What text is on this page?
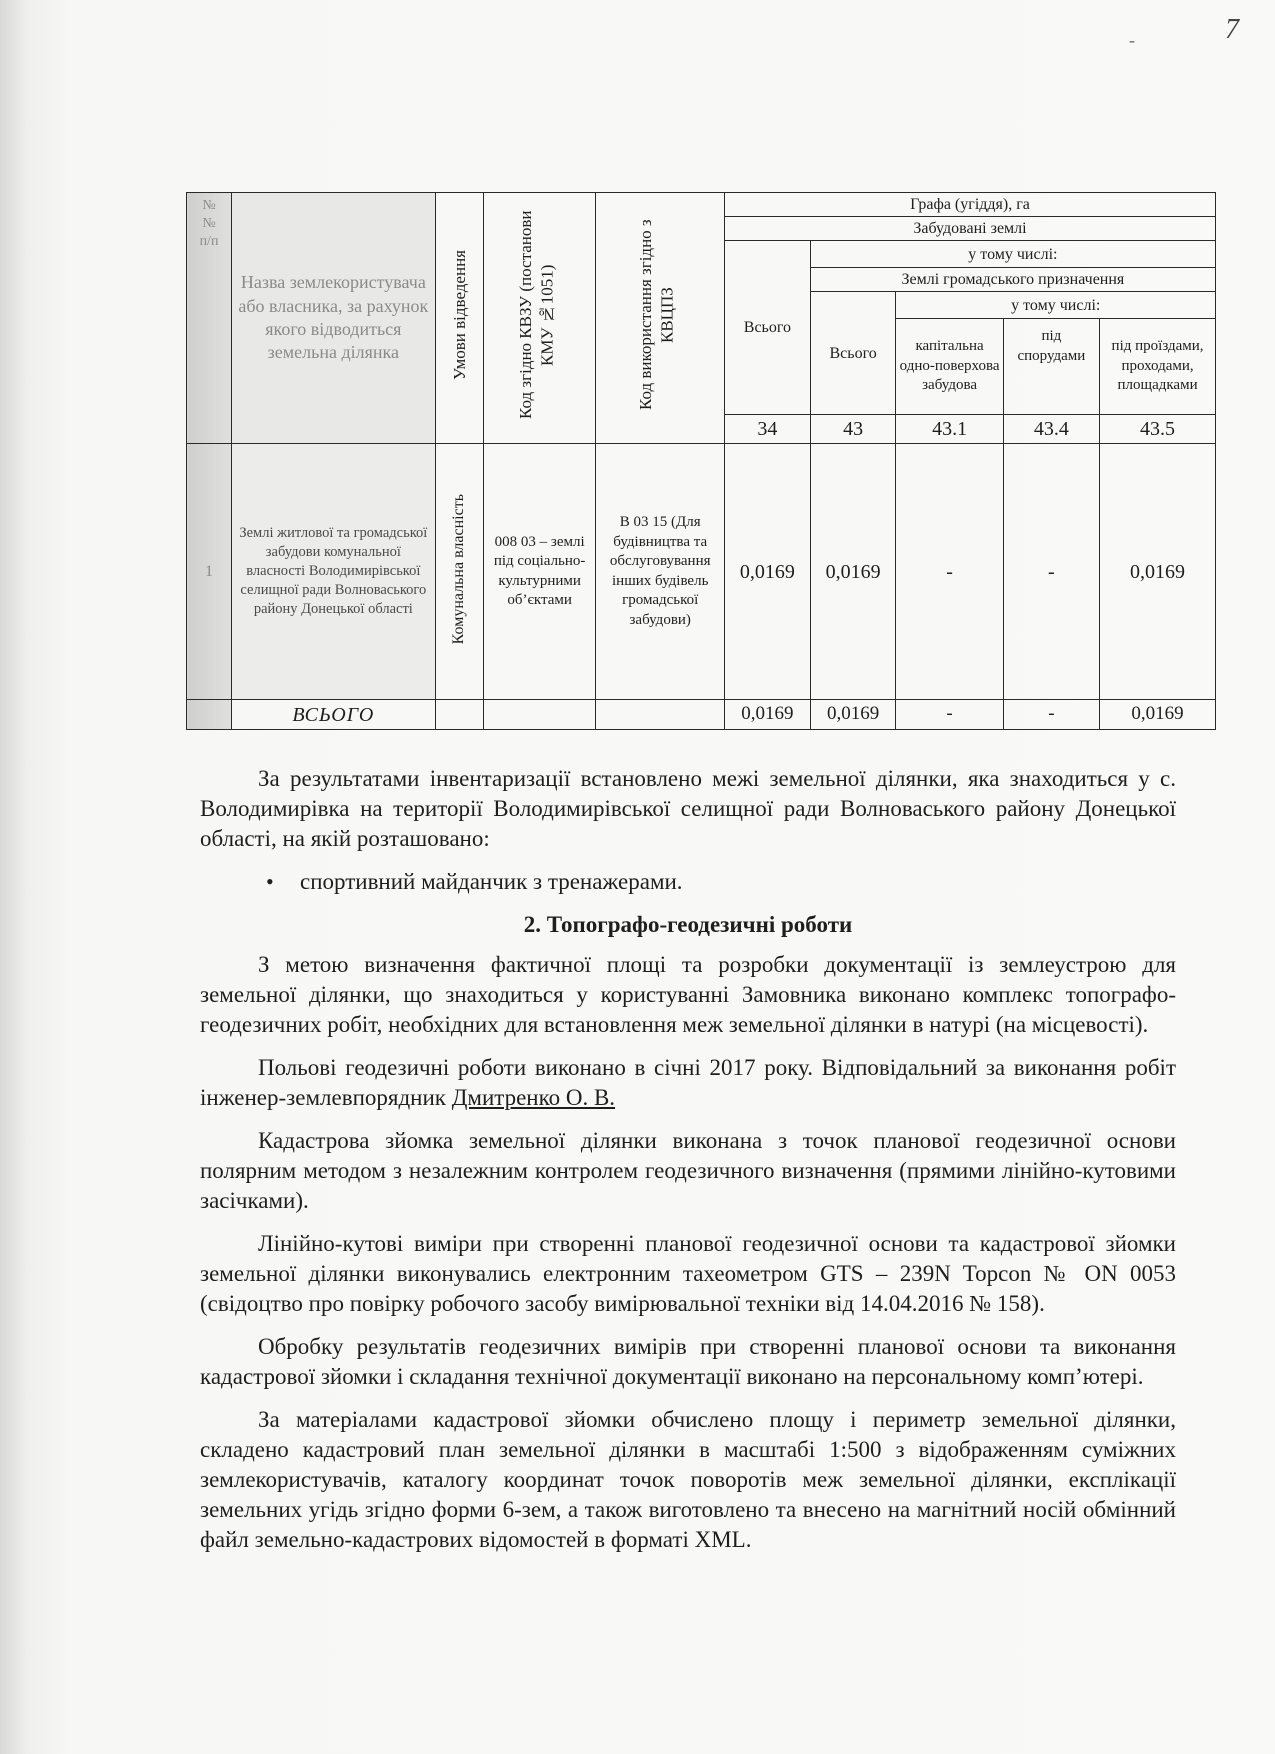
-	7
№
№
п/п	Назва землекористувача або власника, за рахунок якого відводиться земельна ділянка	Умови відведення	Код згідно КВЗУ (постанови КМУ №1051)	Код використання згідно з КВЦПЗ	Графа (угіддя), га				
					Забудовані землі				
					Всього	у тому числі:			
						Землі громадського призначення			
						Всього	у тому числі:		
							капітальна одно-поверхова забудова	під спорудами	під проїздами, проходами, площадками
					34	43	43.1	43.4	43.5
1	Землі житлової та громадської забудови комунальної власності Володимирівської селищної ради Волноваського району Донецької області	Комунальна власність	008 03 – землі під соціально-культурними об’єктами	В 03 15 (Для будівництва та обслуговування інших будівель громадської забудови)	0,0169	0,0169	-	-	0,0169
	ВСЬОГО				0,0169	0,0169	-	-	0,0169

За результатами інвентаризації встановлено межі земельної ділянки, яка знаходиться у с. Володимирівка на території Володимирівської селищної ради Волноваського району Донецької області, на якій розташовано:

• спортивний майданчик з тренажерами.

2. Топографо-геодезичні роботи

З метою визначення фактичної площі та розробки документації із землеустрою для земельної ділянки, що знаходиться у користуванні Замовника виконано комплекс топографо-геодезичних робіт, необхідних для встановлення меж земельної ділянки в натурі (на місцевості).

Польові геодезичні роботи виконано в січні 2017 року. Відповідальний за виконання робіт інженер-землевпорядник Дмитренко О. В.

Кадастрова зйомка земельної ділянки виконана з точок планової геодезичної основи полярним методом з незалежним контролем геодезичного визначення (прямими лінійно-кутовими засічками).

Лінійно-кутові виміри при створенні планової геодезичної основи та кадастрової зйомки земельної ділянки виконувались електронним тахеометром GTS – 239N Topcon № ON 0053 (свідоцтво про повірку робочого засобу вимірювальної техніки від 14.04.2016 № 158).

Обробку результатів геодезичних вимірів при створенні планової основи та виконання кадастрової зйомки і складання технічної документації виконано на персональному комп’ютері.

За матеріалами кадастрової зйомки обчислено площу і периметр земельної ділянки, складено кадастровий план земельної ділянки в масштабі 1:500 з відображенням суміжних землекористувачів, каталогу координат точок поворотів меж земельної ділянки, експлікації земельних угідь згідно форми 6-зем, а також виготовлено та внесено на магнітний носій обмінний файл земельно-кадастрових відомостей в форматі XML.
